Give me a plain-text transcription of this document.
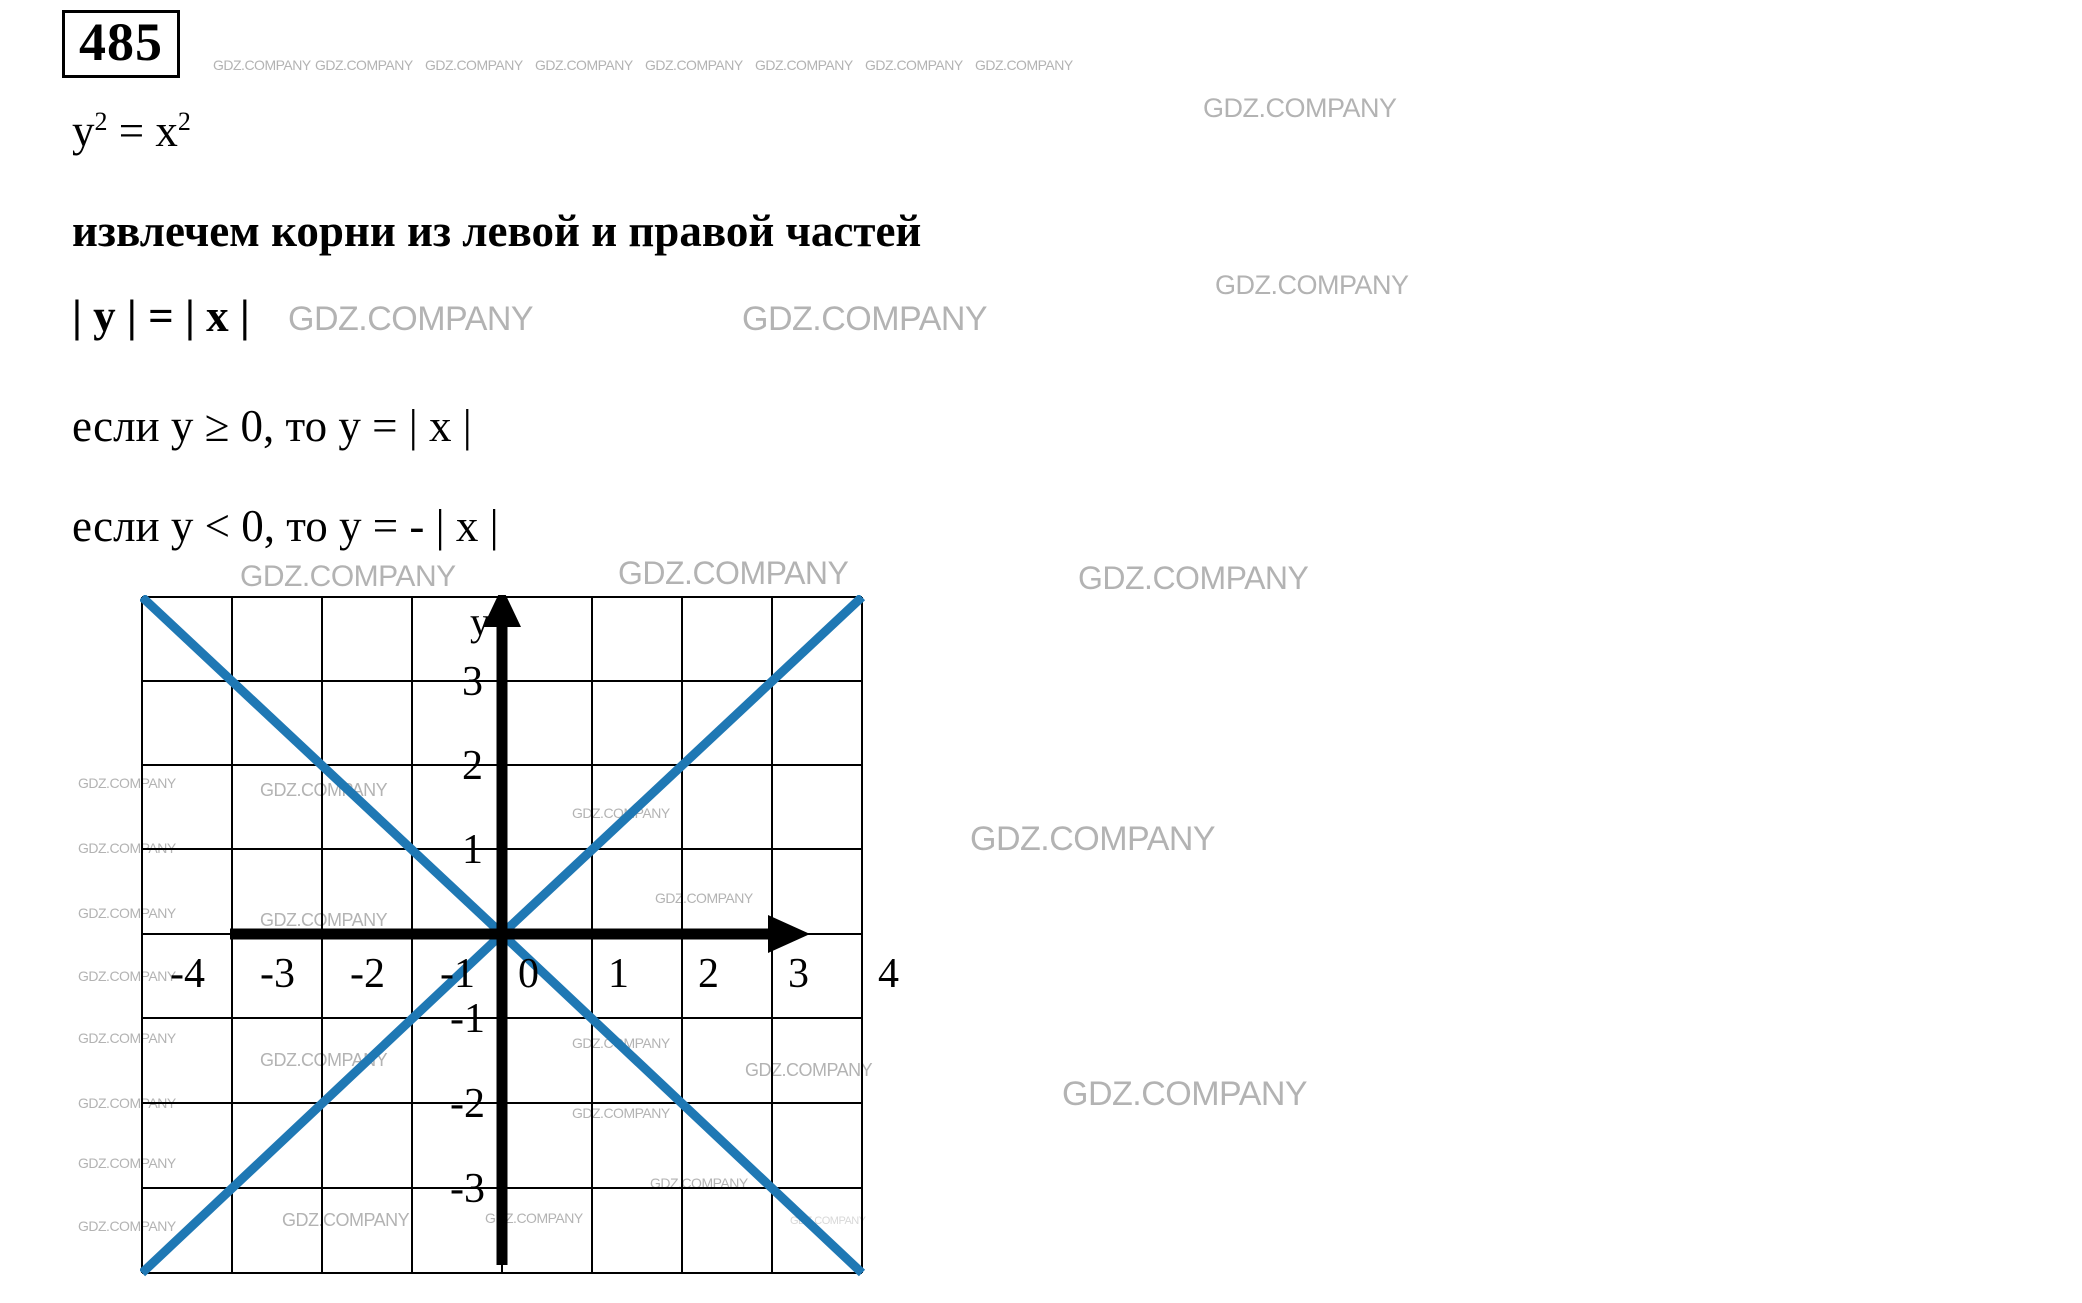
485
$y^2 = x^2$
извлечем корни из левой и правой частей
| y | = | x |
если y ≥ 0, то y = | x |
если y < 0, то y = - | x |
GDZ.COMPANY GDZ.COMPANY GDZ.COMPANY GDZ.COMPANY GDZ.COMPANY GDZ.COMPANY GDZ.COMPANY GDZ.COMPANY
GDZ.COMPANY
GDZ.COMPANY
GDZ.COMPANY	GDZ.COMPANY
GDZ.COMPANY	GDZ.COMPANY	GDZ.COMPANY
GDZ.COMPANY
GDZ.COMPANY
GDZ.COMPANY
GDZ.COMPANY
GDZ.COMPANY
GDZ.COMPANY
GDZ.COMPANY
GDZ.COMPANY
GDZ.COMPANY
GDZ.COMPANY
GDZ.COMPANY
GDZ.COMPANY
GDZ.COMPANY
GDZ.COMPANY
GDZ.COMPANY
GDZ.COMPANY
GDZ.COMPANY
GDZ.COMPANY
GDZ.COMPANY
GDZ.COMPANY
GDZ.COMPANY
GDZ.COMPANY
y
-4 -3 -2 -1 0 1 2 3 4
3
2
1
-1
-2
-3
